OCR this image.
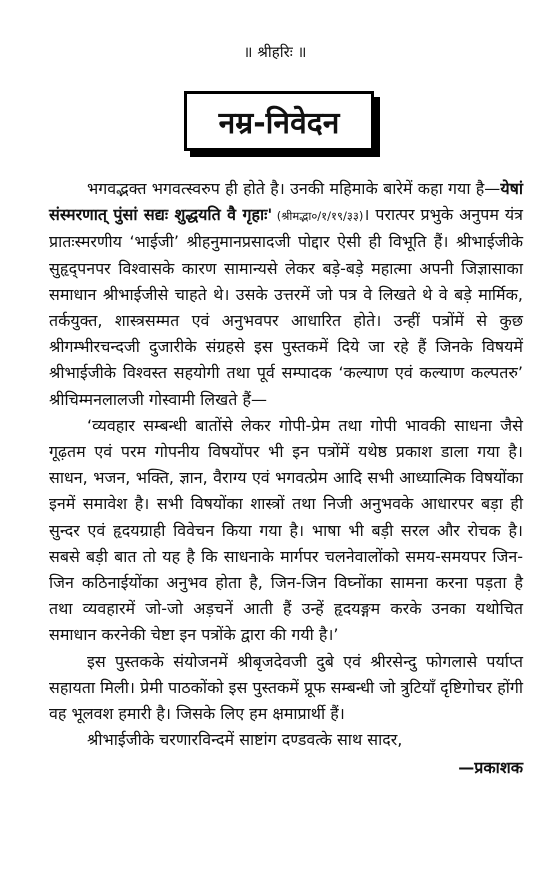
॥ श्रीहरिः ॥
नम्र-निवेदन

भगवद्भक्त भगवत्स्वरुप ही होते है। उनकी महिमाके बारेमें कहा गया है—येषां संस्मरणात् पुंसां सद्यः शुद्धयति वै गृहाः' (श्रीमद्भा०/१/१९/३३)। परात्पर प्रभुके अनुपम यंत्र प्रातःस्मरणीय ‘भाईजी’ श्रीहनुमानप्रसादजी पोद्दार ऐसी ही विभूति हैं। श्रीभाईजीके सुहृद्पनपर विश्वासके कारण सामान्यसे लेकर बड़े-बड़े महात्मा अपनी जिज्ञासाका समाधान श्रीभाईजीसे चाहते थे। उसके उत्तरमें जो पत्र वे लिखते थे वे बड़े मार्मिक, तर्कयुक्त, शास्त्रसम्मत एवं अनुभवपर आधारित होते। उन्हीं पत्रोंमें से कुछ श्रीगम्भीरचन्दजी दुजारीके संग्रहसे इस पुस्तकमें दिये जा रहे हैं जिनके विषयमें श्रीभाईजीके विश्वस्त सहयोगी तथा पूर्व सम्पादक ‘कल्याण एवं कल्याण कल्पतरु’ श्रीचिम्मनलालजी गोस्वामी लिखते हैं—

‘व्यवहार सम्बन्धी बातोंसे लेकर गोपी-प्रेम तथा गोपी भावकी साधना जैसे गूढ़तम एवं परम गोपनीय विषयोंपर भी इन पत्रोंमें यथेष्ठ प्रकाश डाला गया है। साधन, भजन, भक्ति, ज्ञान, वैराग्य एवं भगवत्प्रेम आदि सभी आध्यात्मिक विषयोंका इनमें समावेश है। सभी विषयोंका शास्त्रों तथा निजी अनुभवके आधारपर बड़ा ही सुन्दर एवं हृदयग्राही विवेचन किया गया है। भाषा भी बड़ी सरल और रोचक है। सबसे बड़ी बात तो यह है कि साधनाके मार्गपर चलनेवालोंको समय-समयपर जिन-जिन कठिनाईयोंका अनुभव होता है, जिन-जिन विघ्नोंका सामना करना पड़ता है तथा व्यवहारमें जो-जो अड़चनें आती हैं उन्हें हृदयङ्गम करके उनका यथोचित समाधान करनेकी चेष्टा इन पत्रोंके द्वारा की गयी है।’

इस पुस्तकके संयोजनमें श्रीबृजदेवजी दुबे एवं श्रीरसेन्दु फोगलासे पर्याप्त सहायता मिली। प्रेमी पाठकोंको इस पुस्तकमें प्रूफ सम्बन्धी जो त्रुटियाँ दृष्टिगोचर होंगी वह भूलवश हमारी है। जिसके लिए हम क्षमाप्रार्थी हैं।

श्रीभाईजीके चरणारविन्दमें साष्टांग दण्डवत्के साथ सादर,

—प्रकाशक
